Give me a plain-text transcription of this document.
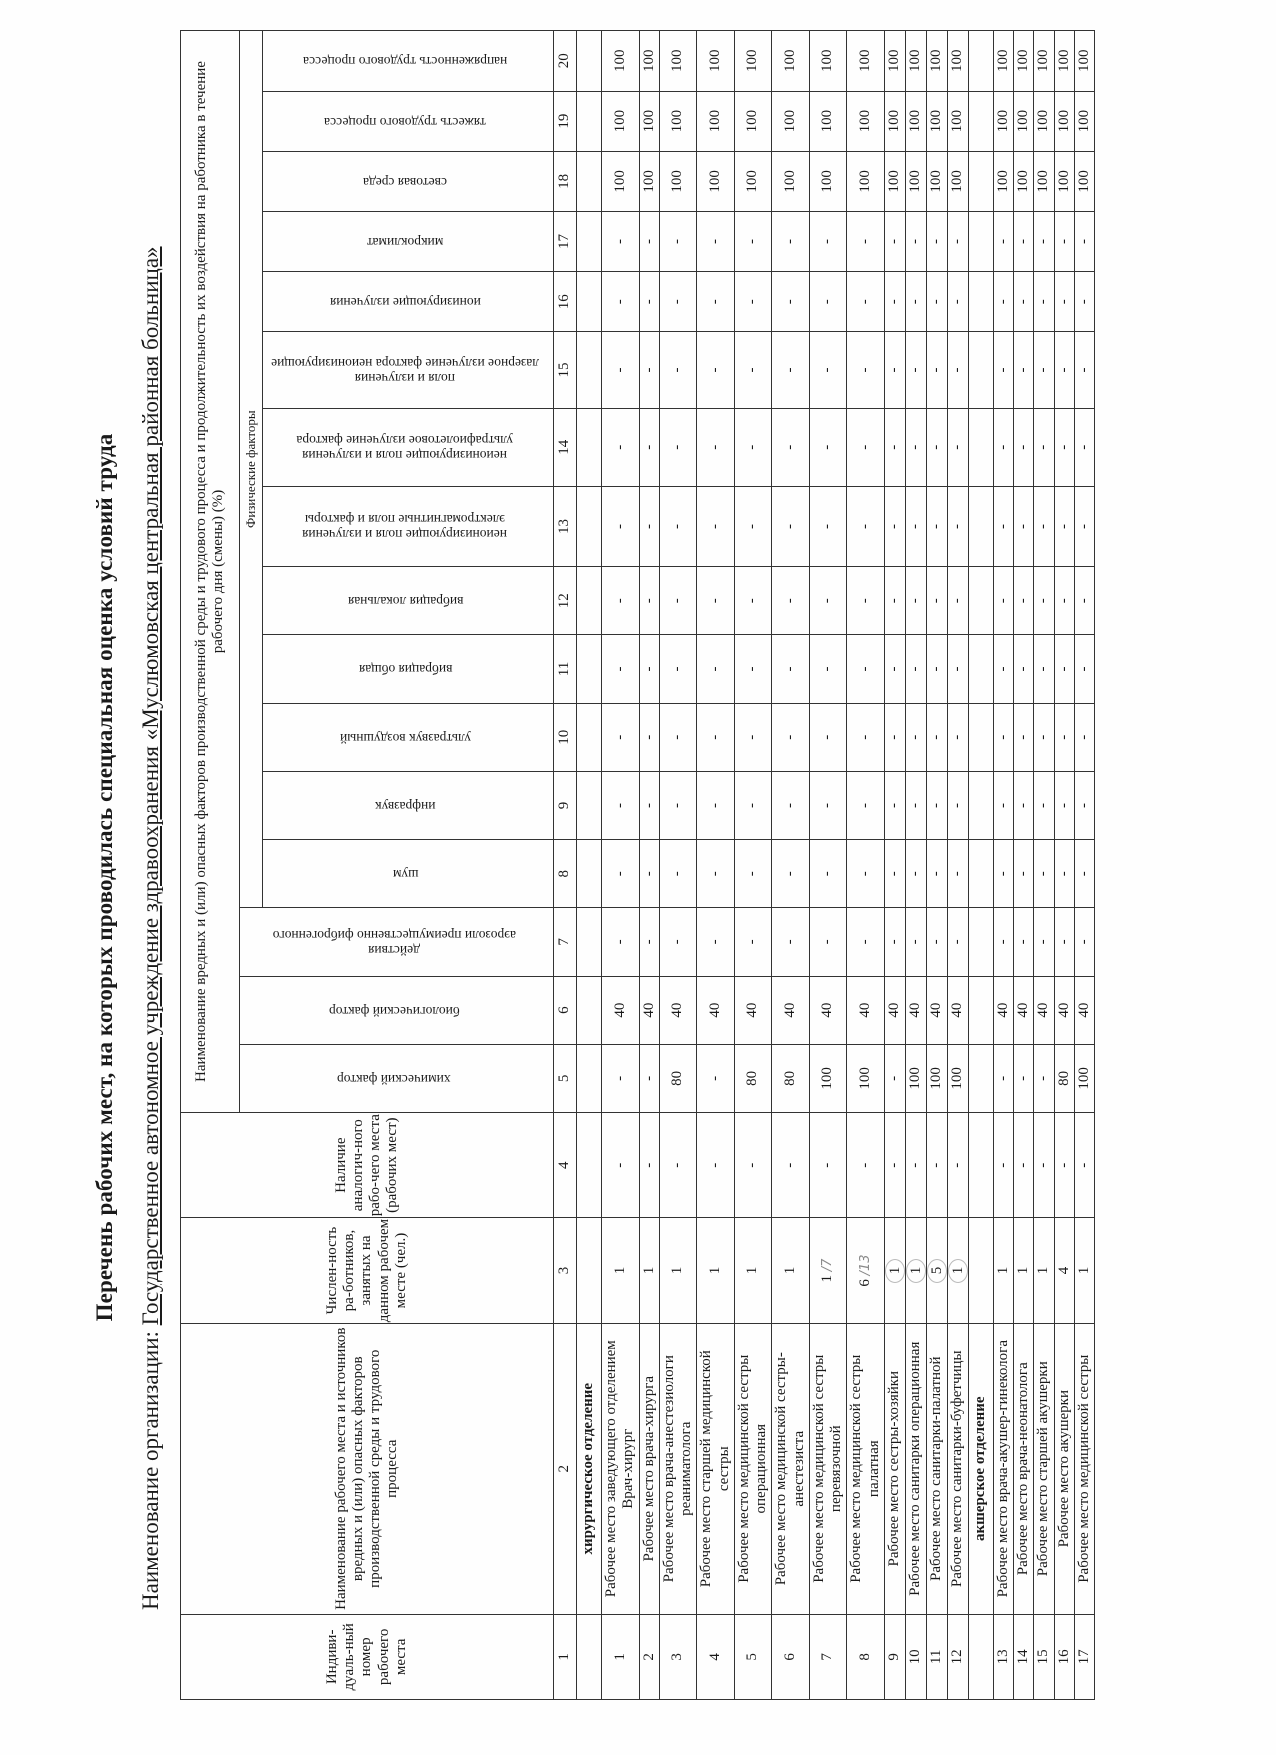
Перечень рабочих мест, на которых проводилась специальная оценка условий труда
Наименование организации: Государственное автономное учреждение здравоохранения «Муслюмовская центральная районная больница»
Индиви-дуаль-ный номер рабочего места	Наименование рабочего места и источников вредных и (или) опасных факторов производственной среды и трудового процесса	Числен-ность ра-ботников, занятых на данном рабочем месте (чел.)	Наличие аналогич-ного рабо-чего места (рабочих мест)	Наименование вредных и (или) опасных факторов производственной среды и трудового процесса и продолжительность их воздействия на работника в течение рабочего дня (смены) (%)															
				химический фактор	биологический фактор	аэрозоли преимущественно фиброгенного действия	Физические факторы												
							шум	инфразвук	ультразвук воздушный	вибрация общая	вибрация локальная	электромагнитные поля и факторы неионизирующие поля и излучения	ультрафиолетовое излучение фактора неионизирующие поля и излучения	лазерное излучение фактора неионизирующие поля и излучения	ионизирующие излучения	микроклимат	световая среда	тяжесть трудового процесса	напряженность трудового процесса
1	2	3	4	5	6	7	8	9	10	11	12	13	14	15	16	17	18	19	20
	хирургическое отделение																		
1	Рабочее место заведующего отделением Врач-хирург	1	-	-	40	-	-	-	-	-	-	-	-	-	-	-	100	100	100
2	Рабочее место врача-хирурга	1	-	-	40	-	-	-	-	-	-	-	-	-	-	-	100	100	100
3	Рабочее место врача-анестезиологи реаниматолога	1	-	80	40	-	-	-	-	-	-	-	-	-	-	-	100	100	100
4	Рабочее место старшей медицинской сестры	1	-	-	40	-	-	-	-	-	-	-	-	-	-	-	100	100	100
5	Рабочее место медицинской сестры операционная	1	-	80	40	-	-	-	-	-	-	-	-	-	-	-	100	100	100
6	Рабочее место медицинской сестры-анестезиста	1	-	80	40	-	-	-	-	-	-	-	-	-	-	-	100	100	100
7	Рабочее место медицинской сестры перевязочной	1 /7	-	100	40	-	-	-	-	-	-	-	-	-	-	-	100	100	100
8	Рабочее место медицинской сестры палатная	6 /13	-	100	40	-	-	-	-	-	-	-	-	-	-	-	100	100	100
9	Рабочее место сестры-хозяйки	1	-	-	40	-	-	-	-	-	-	-	-	-	-	-	100	100	100
10	Рабочее место санитарки операционная	1	-	100	40	-	-	-	-	-	-	-	-	-	-	-	100	100	100
11	Рабочее место санитарки-палатной	5	-	100	40	-	-	-	-	-	-	-	-	-	-	-	100	100	100
12	Рабочее место санитарки-буфетчицы	1	-	100	40	-	-	-	-	-	-	-	-	-	-	-	100	100	100
	акшерское отделение																		
13	Рабочее место врача-акушер-гинеколога	1	-	-	40	-	-	-	-	-	-	-	-	-	-	-	100	100	100
14	Рабочее место врача-неонатолога	1	-	-	40	-	-	-	-	-	-	-	-	-	-	-	100	100	100
15	Рабочее место старшей акушерки	1	-	-	40	-	-	-	-	-	-	-	-	-	-	-	100	100	100
16	Рабочее место акушерки	4	-	80	40	-	-	-	-	-	-	-	-	-	-	-	100	100	100
17	Рабочее место медицинской сестры	1	-	100	40	-	-	-	-	-	-	-	-	-	-	-	100	100	100
